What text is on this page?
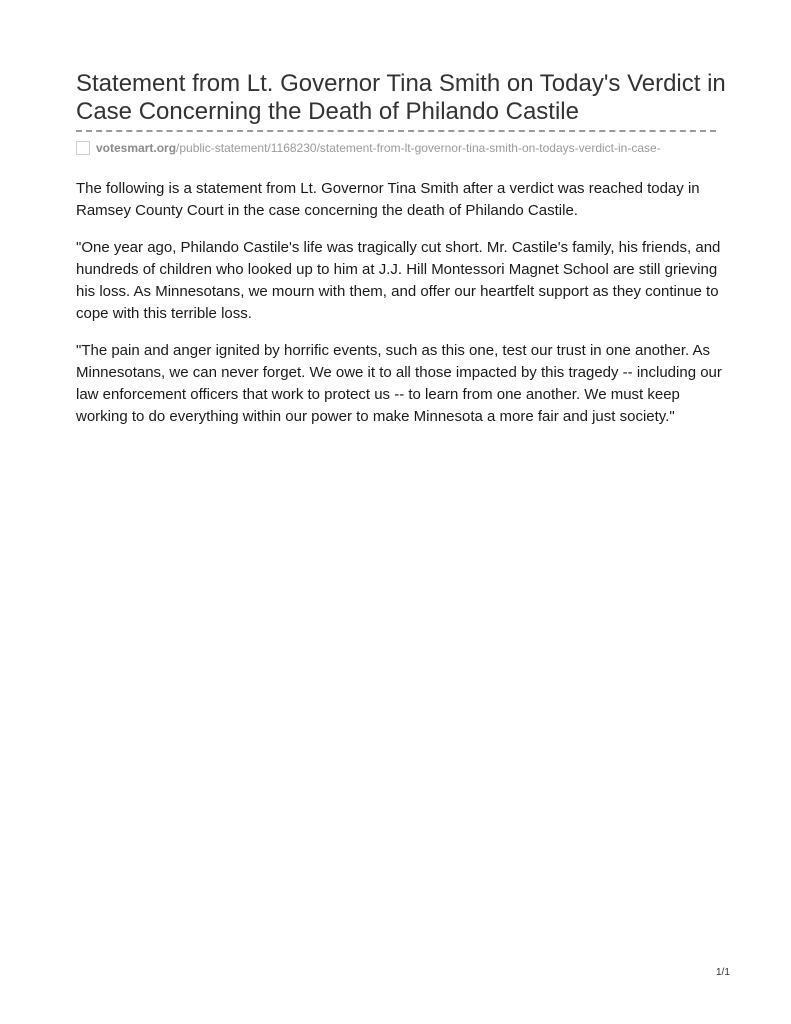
Statement from Lt. Governor Tina Smith on Today's Verdict in Case Concerning the Death of Philando Castile
votesmart.org /public-statement/1168230/statement-from-lt-governor-tina-smith-on-todays-verdict-in-case-

The following is a statement from Lt. Governor Tina Smith after a verdict was reached today in Ramsey County Court in the case concerning the death of Philando Castile.

"One year ago, Philando Castile's life was tragically cut short. Mr. Castile's family, his friends, and hundreds of children who looked up to him at J.J. Hill Montessori Magnet School are still grieving his loss. As Minnesotans, we mourn with them, and offer our heartfelt support as they continue to cope with this terrible loss.

"The pain and anger ignited by horrific events, such as this one, test our trust in one another. As Minnesotans, we can never forget. We owe it to all those impacted by this tragedy -- including our law enforcement officers that work to protect us -- to learn from one another. We must keep working to do everything within our power to make Minnesota a more fair and just society."

1/1
